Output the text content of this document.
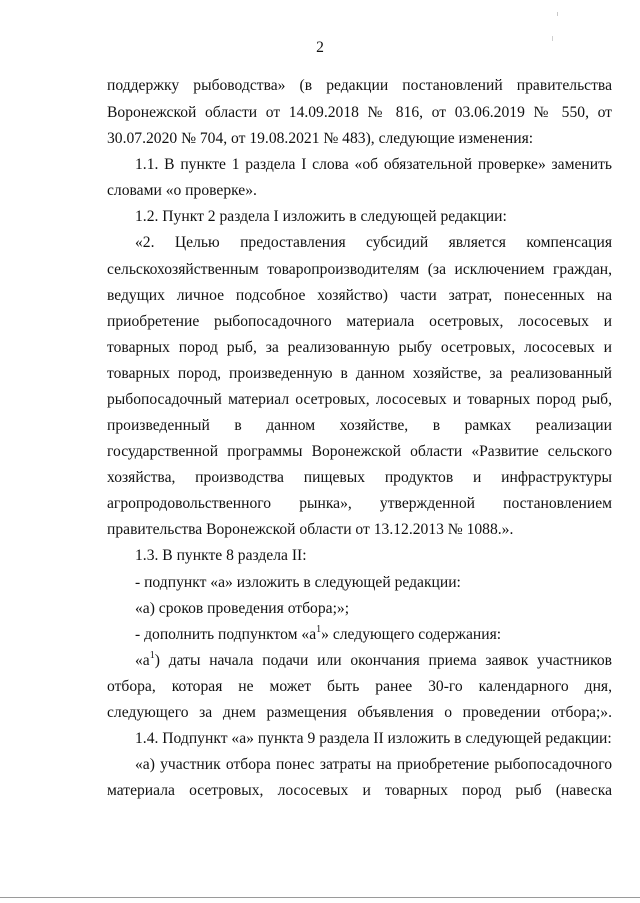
2
поддержку рыбоводства» (в редакции постановлений правительства
Воронежской области от 14.09.2018 № 816, от 03.06.2019 № 550, от
30.07.2020 № 704, от 19.08.2021 № 483), следующие изменения:
1.1. В пункте 1 раздела I слова «об обязательной проверке» заменить
словами «о проверке».
1.2. Пункт 2 раздела I изложить в следующей редакции:
«2. Целью предоставления субсидий является компенсация
сельскохозяйственным товаропроизводителям (за исключением граждан,
ведущих личное подсобное хозяйство) части затрат, понесенных на
приобретение рыбопосадочного материала осетровых, лососевых и
товарных пород рыб, за реализованную рыбу осетровых, лососевых и
товарных пород, произведенную в данном хозяйстве, за реализованный
рыбопосадочный материал осетровых, лососевых и товарных пород рыб,
произведенный в данном хозяйстве, в рамках реализации
государственной программы Воронежской области «Развитие сельского
хозяйства, производства пищевых продуктов и инфраструктуры
агропродовольственного рынка», утвержденной постановлением
правительства Воронежской области от 13.12.2013 № 1088.».
1.3. В пункте 8 раздела II:
- подпункт «а» изложить в следующей редакции:
«а) сроков проведения отбора;»;
- дополнить подпунктом «$а^1$» следующего содержания:
«$а^1$) даты начала подачи или окончания приема заявок участников
отбора, которая не может быть ранее 30-го календарного дня,
следующего за днем размещения объявления о проведении отбора;».
1.4. Подпункт «а» пункта 9 раздела II изложить в следующей редакции:
«а) участник отбора понес затраты на приобретение рыбопосадочного
материала осетровых, лососевых и товарных пород рыб (навеска
